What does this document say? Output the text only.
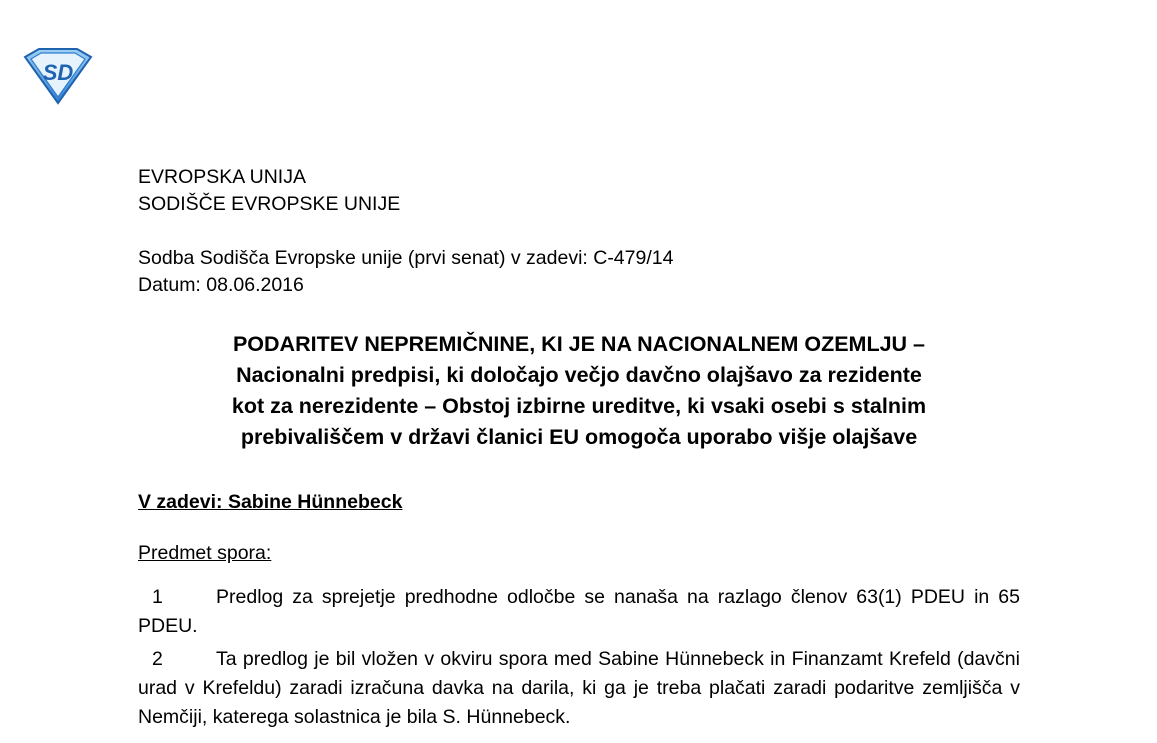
SD

EVROPSKA UNIJA

SODIŠČE EVROPSKE UNIJE

Sodba Sodišča Evropske unije (prvi senat) v zadevi: C-479/14

Datum: 08.06.2016

PODARITEV NEPREMIČNINE, KI JE NA NACIONALNEM OZEMLJU –
Nacionalni predpisi, ki določajo večjo davčno olajšavo za rezidente
kot za nerezidente – Obstoj izbirne ureditve, ki vsaki osebi s stalnim
prebivališčem v državi članici EU omogoča uporabo višje olajšave

V zadevi: Sabine Hünnebeck

Predmet spora:

1	Predlog za sprejetje predhodne odločbe se nanaša na razlago členov 63(1) PDEU in 65 PDEU.

2	Ta predlog je bil vložen v okviru spora med Sabine Hünnebeck in Finanzamt Krefeld (davčni urad v Krefeldu) zaradi izračuna davka na darila, ki ga je treba plačati zaradi podaritve zemljišča v Nemčiji, katerega solastnica je bila S. Hünnebeck.
